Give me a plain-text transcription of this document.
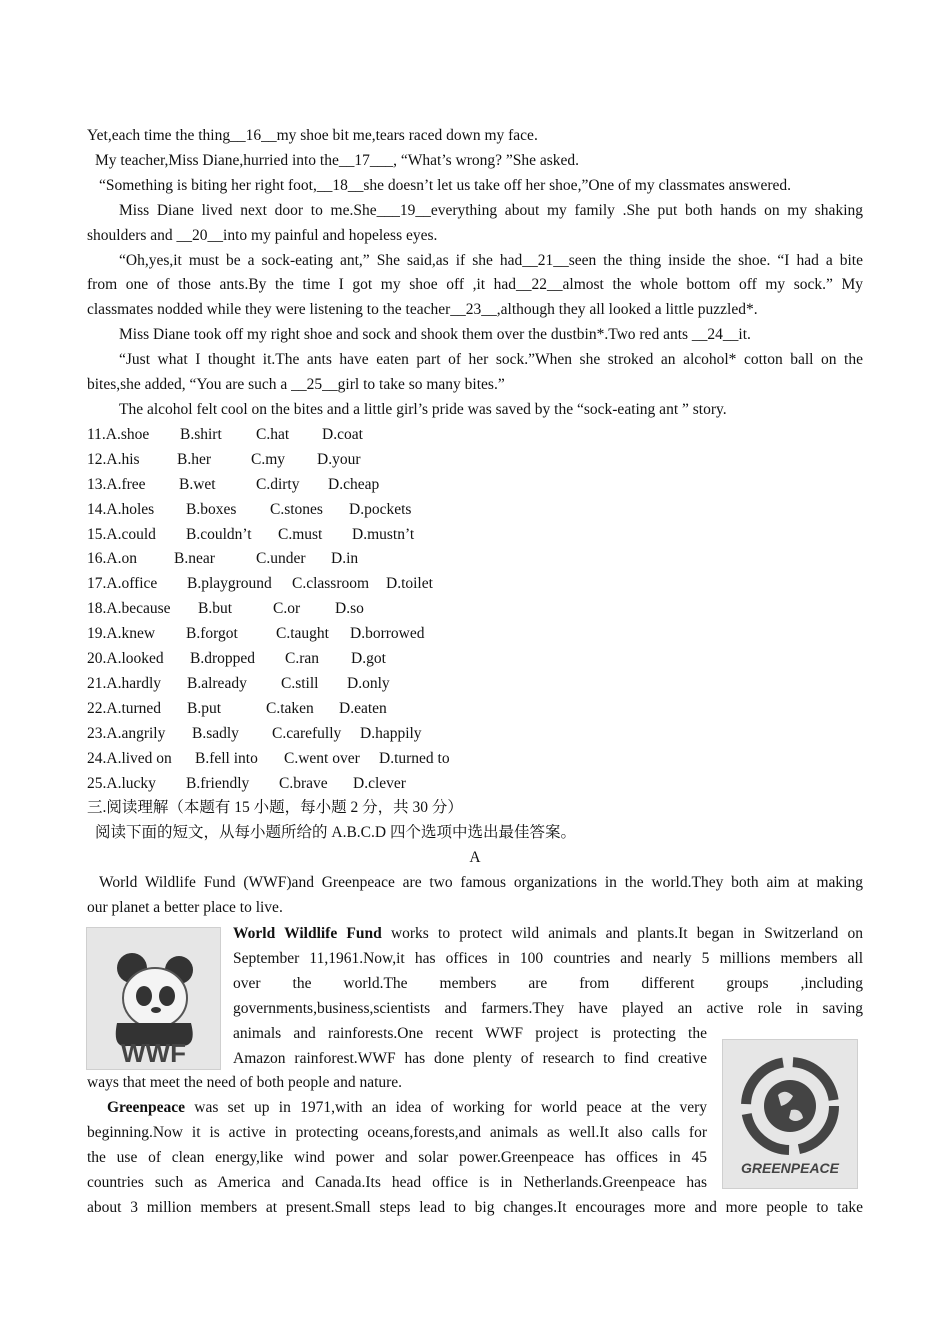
Yet,each time the thing__16__my shoe bit me,tears raced down my face.

My teacher,Miss Diane,hurried into the__17___, “What’s wrong? ”She asked.

“Something is biting her right foot,__18__she doesn’t let us take off her shoe,”One of my classmates answered.

Miss Diane lived next door to me.She___19__everything about my family .She put both hands on my shaking

shoulders and __20__into my painful and hopeless eyes.

“Oh,yes,it must be a sock-eating ant,” She said,as if she had__21__seen the thing inside the shoe. “I had a bite

from one of those ants.By the time I got my shoe off ,it had__22__almost the whole bottom off my sock.” My

classmates nodded while they were listening to the teacher__23__,although they all looked a little puzzled*.

Miss Diane took off my right shoe and sock and shook them over the dustbin*.Two red ants __24__it.

“Just what I thought it.The ants have eaten part of her sock.”When she stroked an alcohol* cotton ball on the

bites,she added, “You are such a __25__girl to take so many bites.”

The alcohol felt cool on the bites and a little girl’s pride was saved by the “sock-eating ant ” story.

11.A.shoe B.shirt C.hat D.coat

12.A.his B.her	C.my D.your

13.A.free B.wet	C.dirty D.cheap

14.A.holes B.boxes C.stones D.pockets

15.A.could B.couldn’t C.must D.mustn’t

16.A.on B.near	C.under D.in

17.A.office B.playground C.classroom D.toilet

18.A.because B.but	C.or D.so

19.A.knew B.forgot C.taught D.borrowed

20.A.looked B.dropped C.ran D.got

21.A.hardly B.already C.still D.only

22.A.turned B.put	C.taken D.eaten

23.A.angrily B.sadly C.carefully D.happily

24.A.lived on B.fell into C.went over D.turned to

25.A.lucky B.friendly C.brave D.clever

三.阅读理解（本题有 15 小题，每小题 2 分，共 30 分）

阅读下面的短文，从每小题所给的 A.B.C.D 四个选项中选出最佳答案。

A

World Wildlife Fund (WWF)and Greenpeace are two famous organizations in the world.They both aim at making

our planet a better place to live.

WWF

World Wildlife Fund works to protect wild animals and plants.It began in Switzerland on

September 11,1961.Now,it has offices in 100 countries and nearly 5 millions members all

over the world.The members are from different groups ,including

governments,business,scientists and farmers.They have played an active role in saving

animals and rainforests.One recent WWF project is protecting the

Amazon rainforest.WWF has done plenty of research to find creative

ways that meet the need of both people and nature.

GREENPEACE

Greenpeace was set up in 1971,with an idea of working for world peace at the very

beginning.Now it is active in protecting oceans,forests,and animals as well.It also calls for

the use of clean energy,like wind power and solar power.Greenpeace has offices in 45

countries such as America and Canada.Its head office is in Netherlands.Greenpeace has

about 3 million members at present.Small steps lead to big changes.It encourages more and more people to take
